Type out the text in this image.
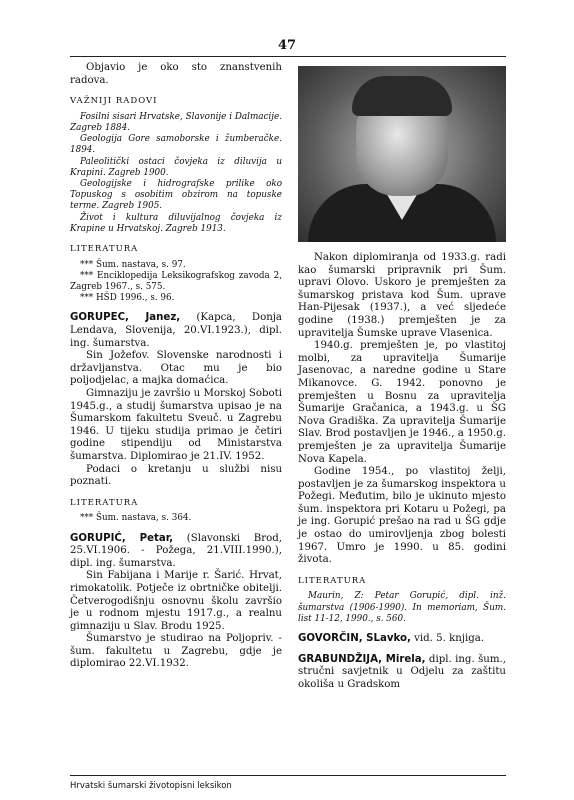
47

Objavio je oko sto znanstvenih radova.

VAŽNIJI RADOVI

Fosilni sisari Hrvatske, Slavonije i Dalmacije. Zagreb 1884.

Geologija Gore samoborske i žumberačke. 1894.

Paleolitički ostaci čovjeka iz diluvija u Krapini. Zagreb 1900.

Geologijske i hidrografske prilike oko Topuskog s osobitim obzirom na topuske terme. Zagreb 1905.

Život i kultura diluvijalnog čovjeka iz Krapine u Hrvatskoj. Zagreb 1913.

LITERATURA

*** Šum. nastava, s. 97.

*** Enciklopedija Leksikografskog zavoda 2, Zagreb 1967., s. 575.

*** HŠD 1996., s. 96.

GORUPEC, Janez, (Kapca, Donja Lendava, Slovenija, 20.VI.1923.), dipl. ing. šumarstva.

Sin Jožefov. Slovenske narodnosti i državljanstva. Otac mu je bio poljodjelac, a majka domaćica.

Gimnaziju je završio u Morskoj Soboti 1945.g., a studij šumarstva upisao je na Šumarskom fakultetu Sveuč. u Zagrebu 1946. U tijeku studija primao je četiri godine stipendiju od Ministarstva šumarstva. Diplomirao je 21.IV. 1952.

Podaci o kretanju u službi nisu poznati.

LITERATURA

*** Šum. nastava, s. 364.

GORUPIĆ, Petar, (Slavonski Brod, 25.VI.1906. - Požega, 21.VIII.1990.), dipl. ing. šumarstva.

Sin Fabijana i Marije r. Šarić. Hrvat, rimokatolik. Potječe iz obrtničke obitelji. Četverogodišnju osnovnu školu završio je u rodnom mjestu 1917.g., a realnu gimnaziju u Slav. Brodu 1925.

Šumarstvo je studirao na Poljopriv. - šum. fakultetu u Zagrebu, gdje je diplomirao 22.VI.1932.

Nakon diplomiranja od 1933.g. radi kao šumarski pripravnik pri Šum. upravi Olovo. Uskoro je premješten za šumarskog pristava kod Šum. uprave Han-Pijesak (1937.), a već sljedeće godine (1938.) premješten je za upravitelja Šumske uprave Vlasenica.

1940.g. premješten je, po vlastitoj molbi, za upravitelja Šumarije Jasenovac, a naredne godine u Stare Mikanovce. G. 1942. ponovno je premješten u Bosnu za upravitelja Šumarije Gračanica, a 1943.g. u ŠG Nova Gradiška. Za upravitelja Šumarije Slav. Brod postavljen je 1946., a 1950.g. premješten je za upravitelja Šumarije Nova Kapela.

Godine 1954., po vlastitoj želji, postavljen je za šumarskog inspektora u Požegi. Međutim, bilo je ukinuto mjesto šum. inspektora pri Kotaru u Požegi, pa je ing. Gorupić prešao na rad u ŠG gdje je ostao do umirovljenja zbog bolesti 1967. Umro je 1990. u 85. godini života.

LITERATURA

Maurin, Z: Petar Gorupić, dipl. inž. šumarstva (1906-1990). In memoriam, Šum. list 11-12, 1990., s. 560.

GOVORČIN, SLavko, vid. 5. knjiga.

GRABUNDŽIJA, Mirela, dipl. ing. šum., stručni savjetnik u Odjelu za zaštitu okoliša u Gradskom

Hrvatski šumarski životopisni leksikon
